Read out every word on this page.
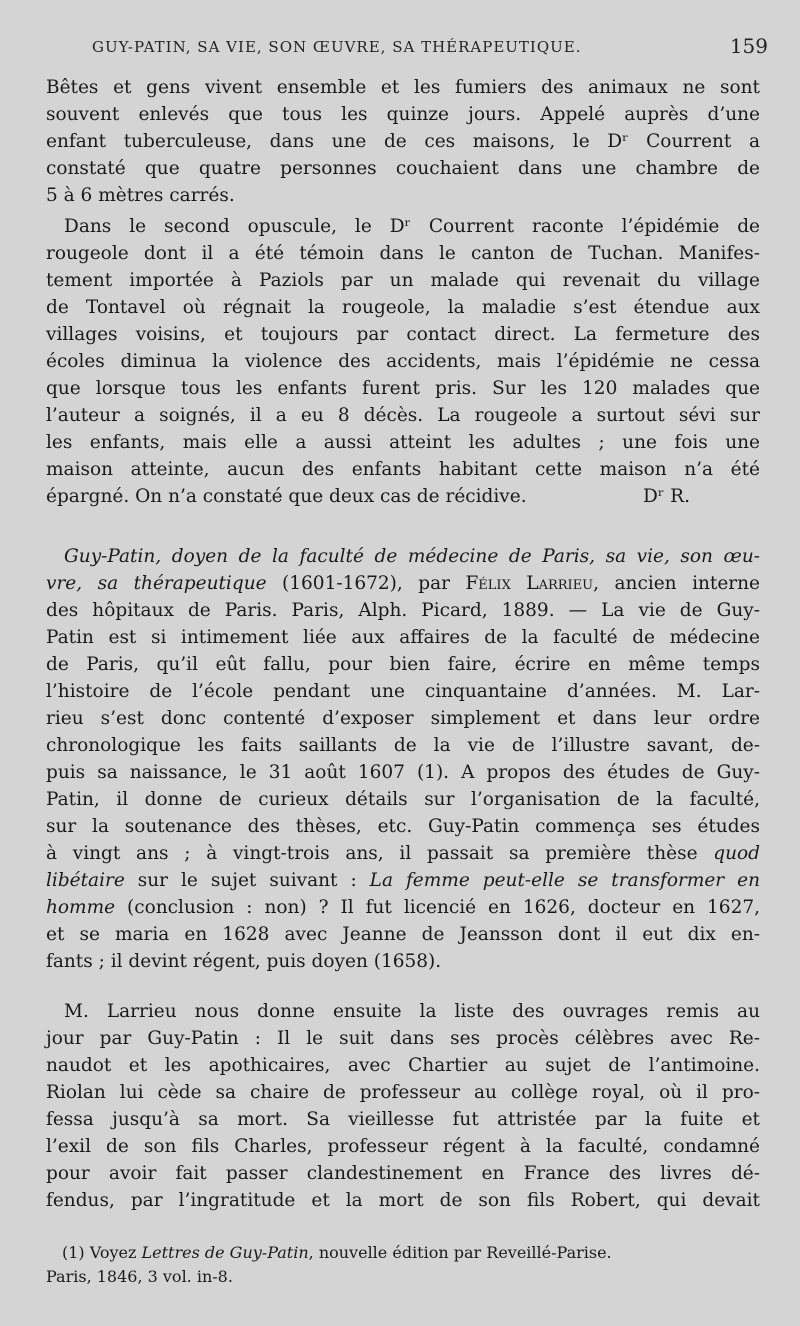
GUY-PATIN, SA VIE, SON ŒUVRE, SA THÉRAPEUTIQUE.	159
Bêtes et gens vivent ensemble et les fumiers des animaux ne sont
souvent enlevés que tous les quinze jours. Appelé auprès d’une
enfant tuberculeuse, dans une de ces maisons, le Dʳ Courrent a
constaté que quatre personnes couchaient dans une chambre de
5 à 6 mètres carrés.
Dans le second opuscule, le Dʳ Courrent raconte l’épidémie de
rougeole dont il a été témoin dans le canton de Tuchan. Manifes-
tement importée à Paziols par un malade qui revenait du village
de Tontavel où régnait la rougeole, la maladie s’est étendue aux
villages voisins, et toujours par contact direct. La fermeture des
écoles diminua la violence des accidents, mais l’épidémie ne cessa
que lorsque tous les enfants furent pris. Sur les 120 malades que
l’auteur a soignés, il a eu 8 décès. La rougeole a surtout sévi sur
les enfants, mais elle a aussi atteint les adultes ; une fois une
maison atteinte, aucun des enfants habitant cette maison n’a été
épargné. On n’a constaté que deux cas de récidive.	Dʳ R.
Guy-Patin, doyen de la faculté de médecine de Paris, sa vie, son œu-
vre, sa thérapeutique (1601-1672), par Félix Larrieu, ancien interne
des hôpitaux de Paris. Paris, Alph. Picard, 1889. — La vie de Guy-
Patin est si intimement liée aux affaires de la faculté de médecine
de Paris, qu’il eût fallu, pour bien faire, écrire en même temps
l’histoire de l’école pendant une cinquantaine d’années. M. Lar-
rieu s’est donc contenté d’exposer simplement et dans leur ordre
chronologique les faits saillants de la vie de l’illustre savant, de-
puis sa naissance, le 31 août 1607 (1). A propos des études de Guy-
Patin, il donne de curieux détails sur l’organisation de la faculté,
sur la soutenance des thèses, etc. Guy-Patin commença ses études
à vingt ans ; à vingt-trois ans, il passait sa première thèse quod
libétaire sur le sujet suivant : La femme peut-elle se transformer en
homme (conclusion : non) ? Il fut licencié en 1626, docteur en 1627,
et se maria en 1628 avec Jeanne de Jeansson dont il eut dix en-
fants ; il devint régent, puis doyen (1658).
M. Larrieu nous donne ensuite la liste des ouvrages remis au
jour par Guy-Patin : Il le suit dans ses procès célèbres avec Re-
naudot et les apothicaires, avec Chartier au sujet de l’antimoine.
Riolan lui cède sa chaire de professeur au collège royal, où il pro-
fessa jusqu’à sa mort. Sa vieillesse fut attristée par la fuite et
l’exil de son fils Charles, professeur régent à la faculté, condamné
pour avoir fait passer clandestinement en France des livres dé-
fendus, par l’ingratitude et la mort de son fils Robert, qui devait
(1) Voyez Lettres de Guy-Patin, nouvelle édition par Reveillé-Parise.
Paris, 1846, 3 vol. in-8.
